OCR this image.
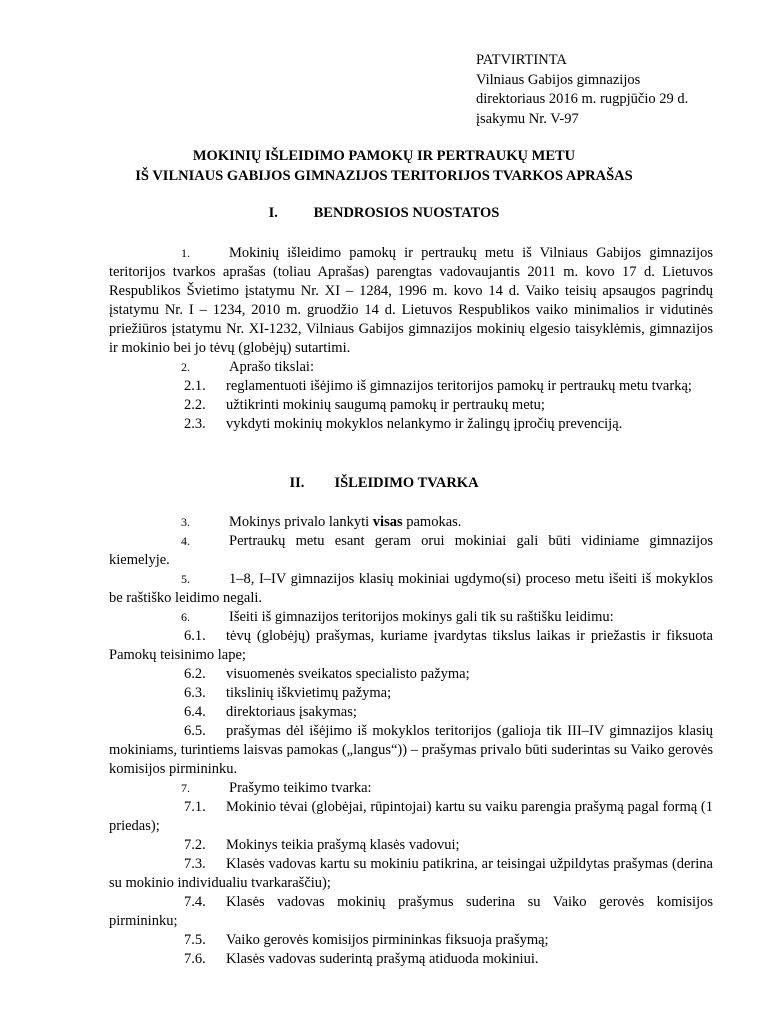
PATVIRTINTA
Vilniaus Gabijos gimnazijos
direktoriaus 2016 m. rugpjūčio 29 d.
įsakymu Nr. V-97
MOKINIŲ IŠLEIDIMO PAMOKŲ IR PERTRAUKŲ METU
IŠ VILNIAUS GABIJOS GIMNAZIJOS TERITORIJOS TVARKOS APRAŠAS
I. BENDROSIOS NUOSTATOS

1.	Mokinių išleidimo pamokų ir pertraukų metu iš Vilniaus Gabijos gimnazijos teritorijos tvarkos aprašas (toliau Aprašas) parengtas vadovaujantis 2011 m. kovo 17 d. Lietuvos Respublikos Švietimo įstatymu Nr. XI – 1284, 1996 m. kovo 14 d. Vaiko teisių apsaugos pagrindų įstatymu Nr. I – 1234, 2010 m. gruodžio 14 d. Lietuvos Respublikos vaiko minimalios ir vidutinės priežiūros įstatymu Nr. XI-1232, Vilniaus Gabijos gimnazijos mokinių elgesio taisyklėmis, gimnazijos ir mokinio bei jo tėvų (globėjų) sutartimi.

2.	Aprašo tikslai:

2.1. reglamentuoti išėjimo iš gimnazijos teritorijos pamokų ir pertraukų metu tvarką;

2.2. užtikrinti mokinių saugumą pamokų ir pertraukų metu;

2.3. vykdyti mokinių mokyklos nelankymo ir žalingų įpročių prevenciją.

II. IŠLEIDIMO TVARKA

3.	Mokinys privalo lankyti visas pamokas.

4.	Pertraukų metu esant geram orui mokiniai gali būti vidiniame gimnazijos kiemelyje.

5.	1–8, I–IV gimnazijos klasių mokiniai ugdymo(si) proceso metu išeiti iš mokyklos be raštiško leidimo negali.

6.	Išeiti iš gimnazijos teritorijos mokinys gali tik su raštišku leidimu:

6.1. tėvų (globėjų) prašymas, kuriame įvardytas tikslus laikas ir priežastis ir fiksuota Pamokų teisinimo lape;

6.2. visuomenės sveikatos specialisto pažyma;

6.3. tikslinių iškvietimų pažyma;

6.4. direktoriaus įsakymas;

6.5. prašymas dėl išėjimo iš mokyklos teritorijos (galioja tik III–IV gimnazijos klasių mokiniams, turintiems laisvas pamokas („langus“)) – prašymas privalo būti suderintas su Vaiko gerovės komisijos pirmininku.

7.	Prašymo teikimo tvarka:

7.1. Mokinio tėvai (globėjai, rūpintojai) kartu su vaiku parengia prašymą pagal formą (1 priedas);

7.2. Mokinys teikia prašymą klasės vadovui;

7.3. Klasės vadovas kartu su mokiniu patikrina, ar teisingai užpildytas prašymas (derina su mokinio individualiu tvarkaraščiu);

7.4. Klasės vadovas mokinių prašymus suderina su Vaiko gerovės komisijos pirmininku;

7.5. Vaiko gerovės komisijos pirmininkas fiksuoja prašymą;

7.6. Klasės vadovas suderintą prašymą atiduoda mokiniui.
